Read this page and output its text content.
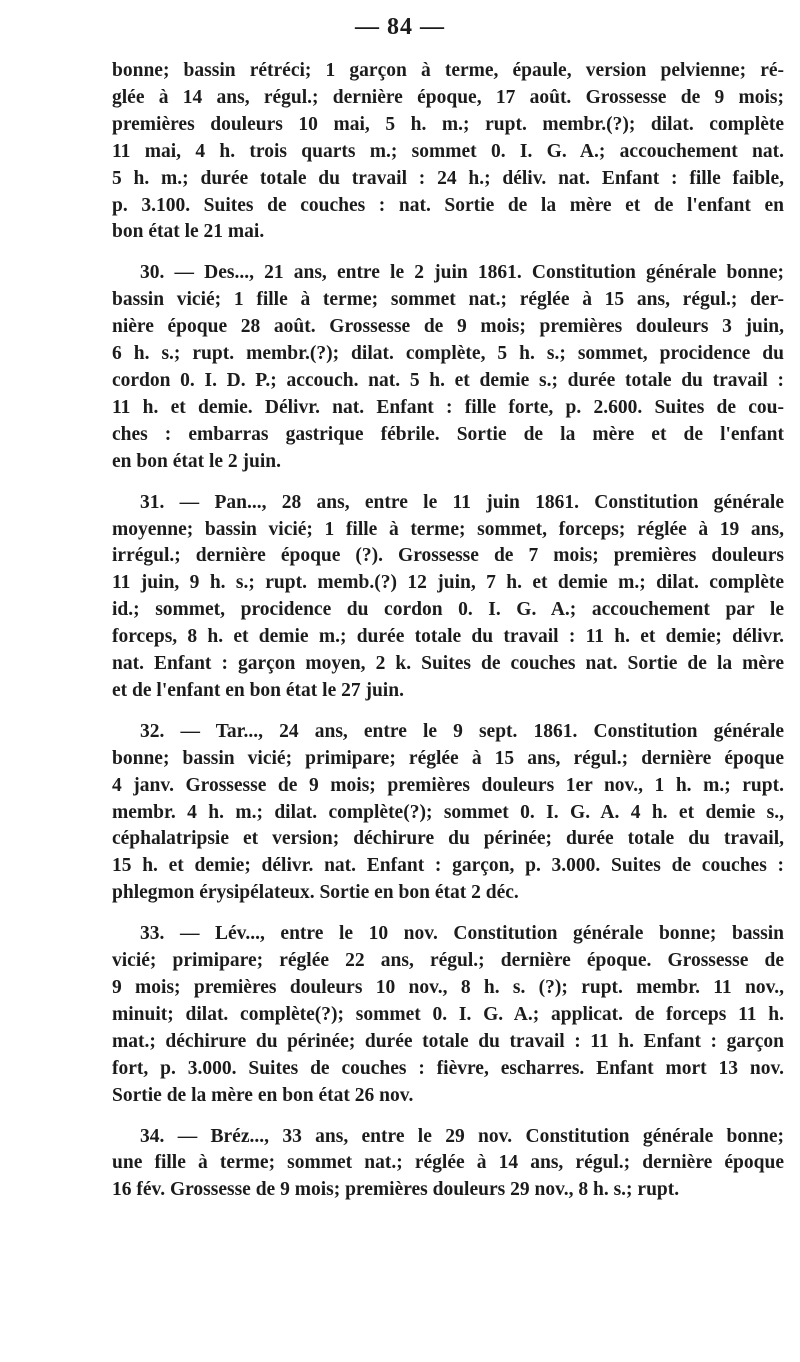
— 84 —
bonne; bassin rétréci; 1 garçon à terme, épaule, version pelvienne; ré-
glée à 14 ans, régul.; dernière époque, 17 août. Grossesse de 9 mois;
premières douleurs 10 mai, 5 h. m.; rupt. membr.(?); dilat. complète
11 mai, 4 h. trois quarts m.; sommet 0. I. G. A.; accouchement nat.
5 h. m.; durée totale du travail : 24 h.; déliv. nat. Enfant : fille faible,
p. 3.100. Suites de couches : nat. Sortie de la mère et de l'enfant en
bon état le 21 mai.
30. — Des..., 21 ans, entre le 2 juin 1861. Constitution générale bonne;
bassin vicié; 1 fille à terme; sommet nat.; réglée à 15 ans, régul.; der-
nière époque 28 août. Grossesse de 9 mois; premières douleurs 3 juin,
6 h. s.; rupt. membr.(?); dilat. complète, 5 h. s.; sommet, procidence du
cordon 0. I. D. P.; accouch. nat. 5 h. et demie s.; durée totale du travail :
11 h. et demie. Délivr. nat. Enfant : fille forte, p. 2.600. Suites de cou-
ches : embarras gastrique fébrile. Sortie de la mère et de l'enfant
en bon état le 2 juin.
31. — Pan..., 28 ans, entre le 11 juin 1861. Constitution générale
moyenne; bassin vicié; 1 fille à terme; sommet, forceps; réglée à 19 ans,
irrégul.; dernière époque (?). Grossesse de 7 mois; premières douleurs
11 juin, 9 h. s.; rupt. memb.(?) 12 juin, 7 h. et demie m.; dilat. complète
id.; sommet, procidence du cordon 0. I. G. A.; accouchement par le
forceps, 8 h. et demie m.; durée totale du travail : 11 h. et demie; délivr.
nat. Enfant : garçon moyen, 2 k. Suites de couches nat. Sortie de la mère
et de l'enfant en bon état le 27 juin.
32. — Tar..., 24 ans, entre le 9 sept. 1861. Constitution générale
bonne; bassin vicié; primipare; réglée à 15 ans, régul.; dernière époque
4 janv. Grossesse de 9 mois; premières douleurs 1er nov., 1 h. m.; rupt.
membr. 4 h. m.; dilat. complète(?); sommet 0. I. G. A. 4 h. et demie s.,
céphalatripsie et version; déchirure du périnée; durée totale du travail,
15 h. et demie; délivr. nat. Enfant : garçon, p. 3.000. Suites de couches :
phlegmon érysipélateux. Sortie en bon état 2 déc.
33. — Lév..., entre le 10 nov. Constitution générale bonne; bassin
vicié; primipare; réglée 22 ans, régul.; dernière époque. Grossesse de
9 mois; premières douleurs 10 nov., 8 h. s. (?); rupt. membr. 11 nov.,
minuit; dilat. complète(?); sommet 0. I. G. A.; applicat. de forceps 11 h.
mat.; déchirure du périnée; durée totale du travail : 11 h. Enfant : garçon
fort, p. 3.000. Suites de couches : fièvre, escharres. Enfant mort 13 nov.
Sortie de la mère en bon état 26 nov.
34. — Bréz..., 33 ans, entre le 29 nov. Constitution générale bonne;
une fille à terme; sommet nat.; réglée à 14 ans, régul.; dernière époque
16 fév. Grossesse de 9 mois; premières douleurs 29 nov., 8 h. s.; rupt.
